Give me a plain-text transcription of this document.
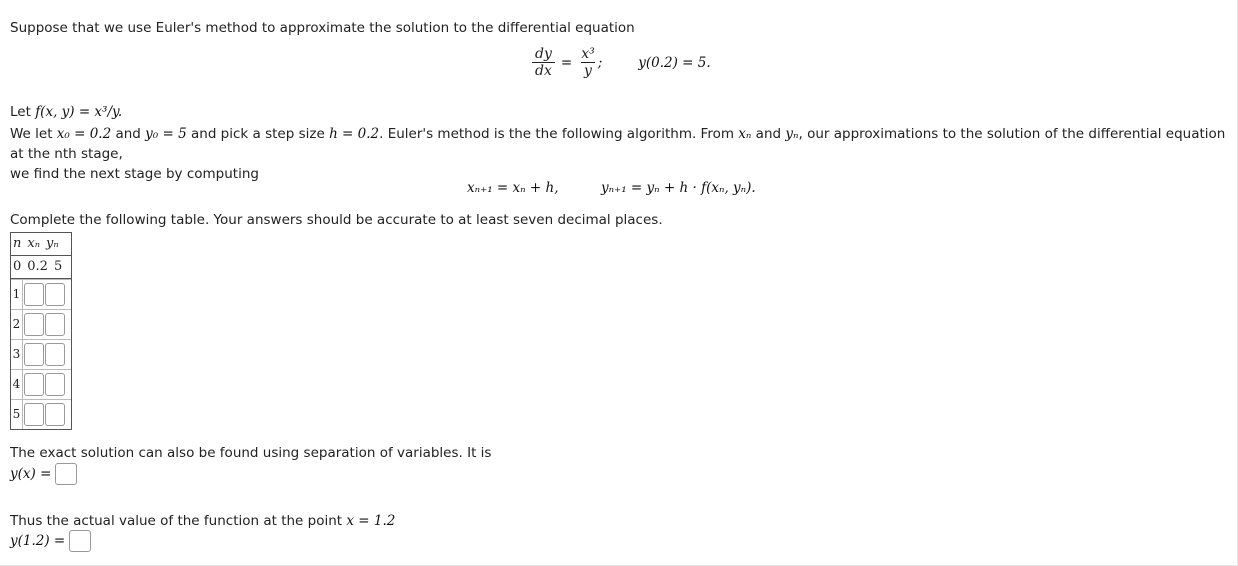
Suppose that we use Euler's method to approximate the solution to the differential equation
$\frac{dy}{dx} = \frac{\text{x³}}{y}$ ;	y(0.2) = 5.
Let f(x, y) = x³/y.
We let x₀ = 0.2 and y₀ = 5 and pick a step size h = 0.2. Euler's method is the the following algorithm. From xₙ and yₙ, our approximations to the solution of the differential equation at the nth stage,
we find the next stage by computing
xₙ₊₁ = xₙ + h,	yₙ₊₁ = yₙ + h · f(xₙ, yₙ).
Complete the following table. Your answers should be accurate to at least seven decimal places.
n xₙ yₙ
0 0.2 5
1
2
3
4
5
The exact solution can also be found using separation of variables. It is
y(x) =
Thus the actual value of the function at the point x = 1.2
y(1.2) =
